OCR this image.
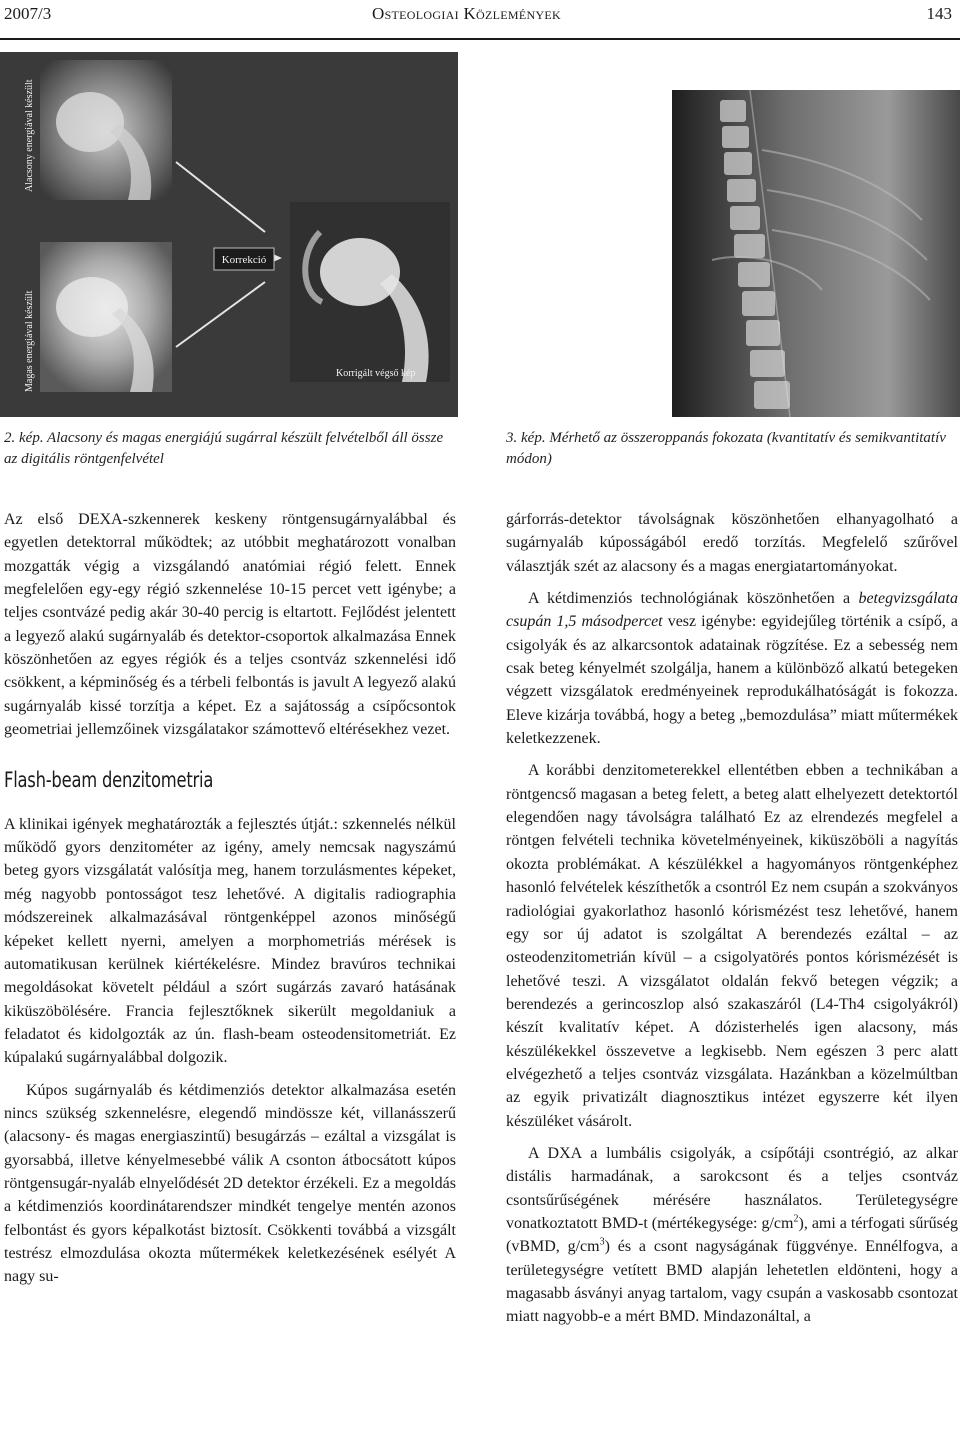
2007/3	Osteologiai Közlemények	143
Korrekció
Alacsony energiával készült
Magas energiával készült	Korrigált végső kép
2. kép. Alacsony és magas energiájú sugárral készült felvételből áll össze az digitális röntgenfelvétel
3. kép. Mérhető az összeroppanás fokozata (kvantitatív és semikvantitatív módon)

Az első DEXA-szkennerek keskeny röntgensugárnyalábbal és egyetlen detektorral működtek; az utóbbit meghatározott vonalban mozgatták végig a vizsgálandó anatómiai régió felett. Ennek megfelelően egy-egy régió szkennelése 10-15 percet vett igénybe; a teljes csontvázé pedig akár 30-40 percig is eltartott. Fejlődést jelentett a legyező alakú sugárnyaláb és detektor-csoportok alkalmazása Ennek köszönhetően az egyes régiók és a teljes csontváz szkennelési idő csökkent, a képminőség és a térbeli felbontás is javult A legyező alakú sugárnyaláb kissé torzítja a képet. Ez a sajátosság a csípőcsontok geometriai jellemzőinek vizsgálatakor számottevő eltérésekhez vezet.

Flash-beam denzitometria

A klinikai igények meghatározták a fejlesztés útját.: szkennelés nélkül működő gyors denzitométer az igény, amely nemcsak nagyszámú beteg gyors vizsgálatát valósítja meg, hanem torzulásmentes képeket, még nagyobb pontosságot tesz lehetővé. A digitalis radiographia módszereinek alkalmazásával röntgenképpel azonos minőségű képeket kellett nyerni, amelyen a morphometriás mérések is automatikusan kerülnek kiértékelésre. Mindez bravúros technikai megoldásokat követelt például a szórt sugárzás zavaró hatásának kiküszöbölésére. Francia fejlesztőknek sikerült megoldaniuk a feladatot és kidolgozták az ún. flash-beam osteodensitometriát. Ez kúpalakú sugárnyalábbal dolgozik.

Kúpos sugárnyaláb és kétdimenziós detektor alkalmazása esetén nincs szükség szkennelésre, elegendő mindössze két, villanásszerű (alacsony- és magas energiaszintű) besugárzás – ezáltal a vizsgálat is gyorsabbá, illetve kényelmesebbé válik A csonton átbocsátott kúpos röntgensugár-nyaláb elnyelődését 2D detektor érzékeli. Ez a megoldás a kétdimenziós koordinátarendszer mindkét tengelye mentén azonos felbontást és gyors képalkotást biztosít. Csökkenti továbbá a vizsgált testrész elmozdulása okozta műtermékek keletkezésének esélyét A nagy su-

gárforrás-detektor távolságnak köszönhetően elhanyagolható a sugárnyaláb kúposságából eredő torzítás. Megfelelő szűrővel választják szét az alacsony és a magas energiatartományokat.

A kétdimenziós technológiának köszönhetően a betegvizsgálata csupán 1,5 másodpercet vesz igénybe: egyidejűleg történik a csípő, a csigolyák és az alkarcsontok adatainak rögzítése. Ez a sebesség nem csak beteg kényelmét szolgálja, hanem a különböző alkatú betegeken végzett vizsgálatok eredményeinek reprodukálhatóságát is fokozza. Eleve kizárja továbbá, hogy a beteg „bemozdulása” miatt műtermékek keletkezzenek.

A korábbi denzitometerekkel ellentétben ebben a technikában a röntgencső magasan a beteg felett, a beteg alatt elhelyezett detektortól elegendően nagy távolságra található Ez az elrendezés megfelel a röntgen felvételi technika követelményeinek, kiküszöböli a nagyítás okozta problémákat. A készülékkel a hagyományos röntgenképhez hasonló felvételek készíthetők a csontról Ez nem csupán a szokványos radiológiai gyakorlathoz hasonló kórismézést tesz lehetővé, hanem egy sor új adatot is szolgáltat A berendezés ezáltal – az osteodenzitometrián kívül – a csigolyatörés pontos kórismézését is lehetővé teszi. A vizsgálatot oldalán fekvő betegen végzik; a berendezés a gerincoszlop alsó szakaszáról (L4-Th4 csigolyákról) készít kvalitatív képet. A dózisterhelés igen alacsony, más készülékekkel összevetve a legkisebb. Nem egészen 3 perc alatt elvégezhető a teljes csontváz vizsgálata. Hazánkban a közelmúltban az egyik privatizált diagnosztikus intézet egyszerre két ilyen készüléket vásárolt.

A DXA a lumbális csigolyák, a csípőtáji csontrégió, az alkar distális harmadának, a sarokcsont és a teljes csontváz csontsűrűségének mérésére használatos. Területegységre vonatkoztatott BMD-t (mértékegysége: $g/cm^2$), ami a térfogati sűrűség (vBMD, $g/cm^3$) és a csont nagyságának függvénye. Ennélfogva, a területegységre vetített BMD alapján lehetetlen eldönteni, hogy a magasabb ásványi anyag tartalom, vagy csupán a vaskosabb csontozat miatt nagyobb-e a mért BMD. Mindazonáltal, a
